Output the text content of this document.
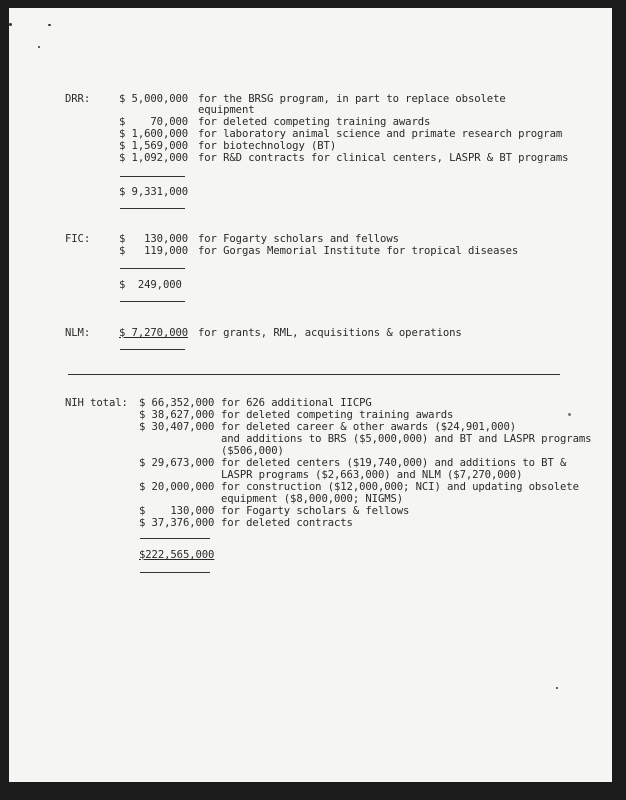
DRR:	$ 5,000,000 for the BRSG program, in part to replace obsolete
equipment
$    70,000 for deleted competing training awards
$ 1,600,000 for laboratory animal science and primate research program
$ 1,569,000 for biotechnology (BT)
$ 1,092,000 for R&D contracts for clinical centers, LASPR & BT programs
$ 9,331,000
FIC:	$   130,000 for Fogarty scholars and fellows
$   119,000 for Gorgas Memorial Institute for tropical diseases
$  249,000
NLM:	$ 7,270,000 for grants, RML, acquisitions & operations
NIH total: $ 66,352,000 for 626 additional IICPG
$ 38,627,000 for deleted competing training awards
$ 30,407,000 for deleted career & other awards ($24,901,000)
and additions to BRS ($5,000,000) and BT and LASPR programs
($506,000)
$ 29,673,000 for deleted centers ($19,740,000) and additions to BT &
LASPR programs ($2,663,000) and NLM ($7,270,000)
$ 20,000,000 for construction ($12,000,000; NCI) and updating obsolete
equipment ($8,000,000; NIGMS)
$    130,000 for Fogarty scholars & fellows
$ 37,376,000 for deleted contracts
$222,565,000
